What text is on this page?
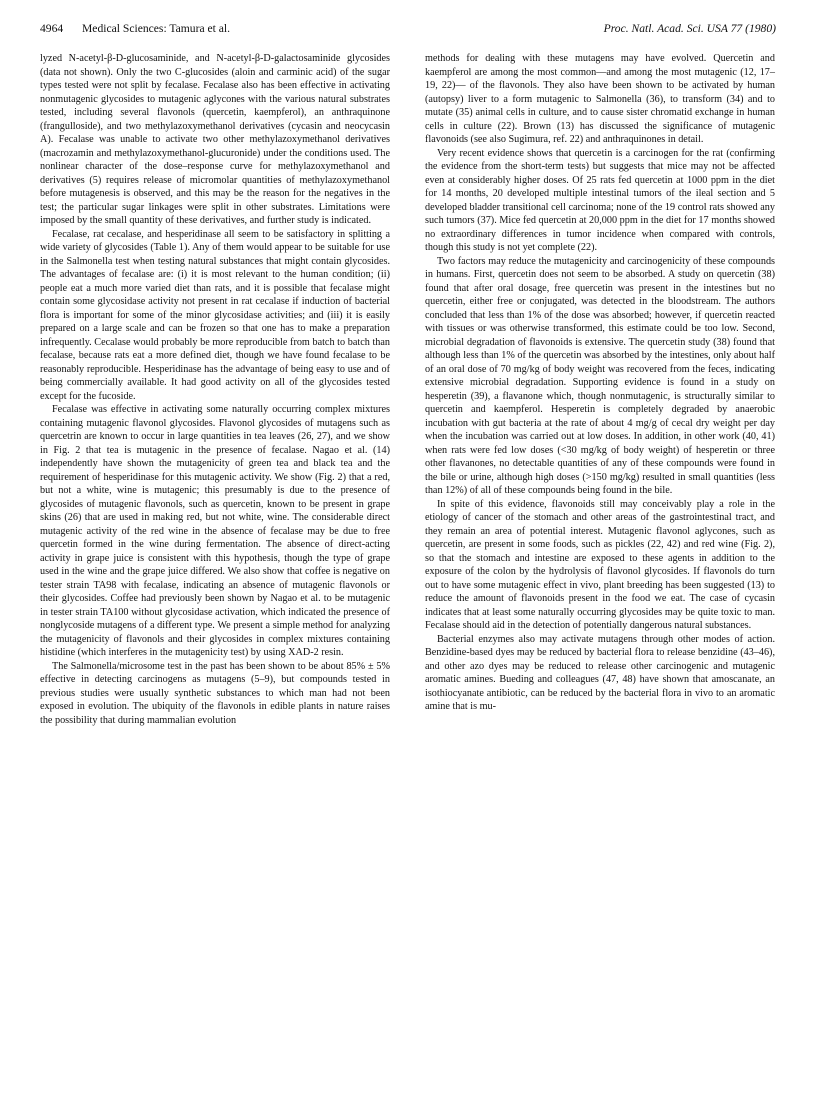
4964 Medical Sciences: Tamura et al.	Proc. Natl. Acad. Sci. USA 77 (1980)

lyzed N-acetyl-β-D-glucosaminide, and N-acetyl-β-D-galactosaminide glycosides (data not shown). Only the two C-glucosides (aloin and carminic acid) of the sugar types tested were not split by fecalase. Fecalase also has been effective in activating nonmutagenic glycosides to mutagenic aglycones with the various natural substrates tested, including several flavonols (quercetin, kaempferol), an anthraquinone (frangulloside), and two methylazoxymethanol derivatives (cycasin and neocycasin A). Fecalase was unable to activate two other methylazoxymethanol derivatives (macrozamin and methylazoxymethanol-glucuronide) under the conditions used. The nonlinear character of the dose–response curve for methylazoxymethanol and derivatives (5) requires release of micromolar quantities of methylazoxymethanol before mutagenesis is observed, and this may be the reason for the negatives in the test; the particular sugar linkages were split in other substrates. Limitations were imposed by the small quantity of these derivatives, and further study is indicated.

Fecalase, rat cecalase, and hesperidinase all seem to be satisfactory in splitting a wide variety of glycosides (Table 1). Any of them would appear to be suitable for use in the Salmonella test when testing natural substances that might contain glycosides. The advantages of fecalase are: (i) it is most relevant to the human condition; (ii) people eat a much more varied diet than rats, and it is possible that fecalase might contain some glycosidase activity not present in rat cecalase if induction of bacterial flora is important for some of the minor glycosidase activities; and (iii) it is easily prepared on a large scale and can be frozen so that one has to make a preparation infrequently. Cecalase would probably be more reproducible from batch to batch than fecalase, because rats eat a more defined diet, though we have found fecalase to be reasonably reproducible. Hesperidinase has the advantage of being easy to use and of being commercially available. It had good activity on all of the glycosides tested except for the fucoside.

Fecalase was effective in activating some naturally occurring complex mixtures containing mutagenic flavonol glycosides. Flavonol glycosides of mutagens such as quercetrin are known to occur in large quantities in tea leaves (26, 27), and we show in Fig. 2 that tea is mutagenic in the presence of fecalase. Nagao et al. (14) independently have shown the mutagenicity of green tea and black tea and the requirement of hesperidinase for this mutagenic activity. We show (Fig. 2) that a red, but not a white, wine is mutagenic; this presumably is due to the presence of glycosides of mutagenic flavonols, such as quercetin, known to be present in grape skins (26) that are used in making red, but not white, wine. The considerable direct mutagenic activity of the red wine in the absence of fecalase may be due to free quercetin formed in the wine during fermentation. The absence of direct-acting activity in grape juice is consistent with this hypothesis, though the type of grape used in the wine and the grape juice differed. We also show that coffee is negative on tester strain TA98 with fecalase, indicating an absence of mutagenic flavonols or their glycosides. Coffee had previously been shown by Nagao et al. to be mutagenic in tester strain TA100 without glycosidase activation, which indicated the presence of nonglycoside mutagens of a different type. We present a simple method for analyzing the mutagenicity of flavonols and their glycosides in complex mixtures containing histidine (which interferes in the mutagenicity test) by using XAD-2 resin.

The Salmonella/microsome test in the past has been shown to be about 85% ± 5% effective in detecting carcinogens as mutagens (5–9), but compounds tested in previous studies were usually synthetic substances to which man had not been exposed in evolution. The ubiquity of the flavonols in edible plants in nature raises the possibility that during mammalian evolution

methods for dealing with these mutagens may have evolved. Quercetin and kaempferol are among the most common—and among the most mutagenic (12, 17–19, 22)— of the flavonols. They also have been shown to be activated by human (autopsy) liver to a form mutagenic to Salmonella (36), to transform (34) and to mutate (35) animal cells in culture, and to cause sister chromatid exchange in human cells in culture (22). Brown (13) has discussed the significance of mutagenic flavonoids (see also Sugimura, ref. 22) and anthraquinones in detail.

Very recent evidence shows that quercetin is a carcinogen for the rat (confirming the evidence from the short-term tests) but suggests that mice may not be affected even at considerably higher doses. Of 25 rats fed quercetin at 1000 ppm in the diet for 14 months, 20 developed multiple intestinal tumors of the ileal section and 5 developed bladder transitional cell carcinoma; none of the 19 control rats showed any such tumors (37). Mice fed quercetin at 20,000 ppm in the diet for 17 months showed no extraordinary differences in tumor incidence when compared with controls, though this study is not yet complete (22).

Two factors may reduce the mutagenicity and carcinogenicity of these compounds in humans. First, quercetin does not seem to be absorbed. A study on quercetin (38) found that after oral dosage, free quercetin was present in the intestines but no quercetin, either free or conjugated, was detected in the bloodstream. The authors concluded that less than 1% of the dose was absorbed; however, if quercetin reacted with tissues or was otherwise transformed, this estimate could be too low. Second, microbial degradation of flavonoids is extensive. The quercetin study (38) found that although less than 1% of the quercetin was absorbed by the intestines, only about half of an oral dose of 70 mg/kg of body weight was recovered from the feces, indicating extensive microbial degradation. Supporting evidence is found in a study on hesperetin (39), a flavanone which, though nonmutagenic, is structurally similar to quercetin and kaempferol. Hesperetin is completely degraded by anaerobic incubation with gut bacteria at the rate of about 4 mg/g of cecal dry weight per day when the incubation was carried out at low doses. In addition, in other work (40, 41) when rats were fed low doses (<30 mg/kg of body weight) of hesperetin or three other flavanones, no detectable quantities of any of these compounds were found in the bile or urine, although high doses (>150 mg/kg) resulted in small quantities (less than 12%) of all of these compounds being found in the bile.

In spite of this evidence, flavonoids still may conceivably play a role in the etiology of cancer of the stomach and other areas of the gastrointestinal tract, and they remain an area of potential interest. Mutagenic flavonol aglycones, such as quercetin, are present in some foods, such as pickles (22, 42) and red wine (Fig. 2), so that the stomach and intestine are exposed to these agents in addition to the exposure of the colon by the hydrolysis of flavonol glycosides. If flavonols do turn out to have some mutagenic effect in vivo, plant breeding has been suggested (13) to reduce the amount of flavonoids present in the food we eat. The case of cycasin indicates that at least some naturally occurring glycosides may be quite toxic to man. Fecalase should aid in the detection of potentially dangerous natural substances.

Bacterial enzymes also may activate mutagens through other modes of action. Benzidine-based dyes may be reduced by bacterial flora to release benzidine (43–46), and other azo dyes may be reduced to release other carcinogenic and mutagenic aromatic amines. Bueding and colleagues (47, 48) have shown that amoscanate, an isothiocyanate antibiotic, can be reduced by the bacterial flora in vivo to an aromatic amine that is mu-
